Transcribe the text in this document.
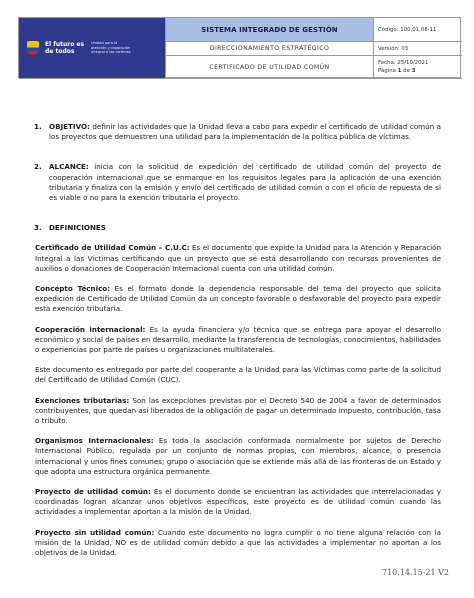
El futuro es de todos
Unidad para la atención y reparación integral a las víctimas
SISTEMA INTEGRADO DE GESTIÓN	Código: 100,01,08-11
DIRECCIONAMIENTO ESTRATÉGICO	Versión: 03
CERTIFICADO DE UTILIDAD COMÚN
Fecha: 25/10/2021
Página 1 de 3
1.	OBJETIVO: definir las actividades que la Unidad lleva a cabo para expedir el certificado de utilidad común a los proyectos que demuestren una utilidad para la implementación de la política pública de víctimas.

2.	ALCANCE: inicia con la solicitud de expedición del certificado de utilidad común del proyecto de cooperación internacional que se enmarque en los requisitos legales para la aplicación de una exención tributaria y finaliza con la emisión y envío del certificado de utilidad común o con el oficio de repuesta de si es viable o no para la exención tributaria el proyecto.

3.	DEFINICIONES

Certificado de Utilidad Común – C.U.C: Es el documento que expide la Unidad para la Atención y Reparación Integral a las Víctimas certificando que un proyecto que se está desarrollando con recursos provenientes de auxilios o donaciones de Cooperación Internacional cuenta con una utilidad común.

Concepto Técnico: Es el formato donde la dependencia responsable del tema del proyecto que solicita expedición de Certificado de Utilidad Común da un concepto favorable o desfavorable del proyecto para expedir esta exención tributaria.

Cooperación internacional: Es la ayuda financiera y/o técnica que se entrega para apoyar el desarrollo económico y social de países en desarrollo, mediante la transferencia de tecnologías, conocimientos, habilidades o experiencias por parte de países u organizaciones multilaterales.

Este documento es entregado por parte del cooperante a la Unidad para las Víctimas como parte de la solicitud del Certificado de Utilidad Común (CUC).

Exenciones tributarias: Son las excepciones previstas por el Decreto 540 de 2004 a favor de determinados contribuyentes, que quedan así liberados de la obligación de pagar un determinado impuesto, contribución, tasa o tributo.

Organismos Internacionales: Es toda la asociación conformada normalmente por sujetos de Derecho Internacional Público, regulada por un conjunto de normas propias, con miembros, alcance, o presencia internacional y unos fines comunes; grupo o asociación que se extiende más allá de las fronteras de un Estado y que adopta una estructura orgánica permanente.

Proyecto de utilidad común: Es el documento donde se encuentran las actividades que interrelacionadas y coordinadas logran alcanzar unos objetivos específicos, este proyecto es de utilidad común cuando las actividades a implementar aportan a la misión de la Unidad.

Proyecto sin utilidad común: Cuando este documento no logra cumplir o no tiene alguna relación con la misión de la Unidad, NO es de utilidad común debido a que las actividades a implementar no aportan a los objetivos de la Unidad.

710.14.15-21 V2
